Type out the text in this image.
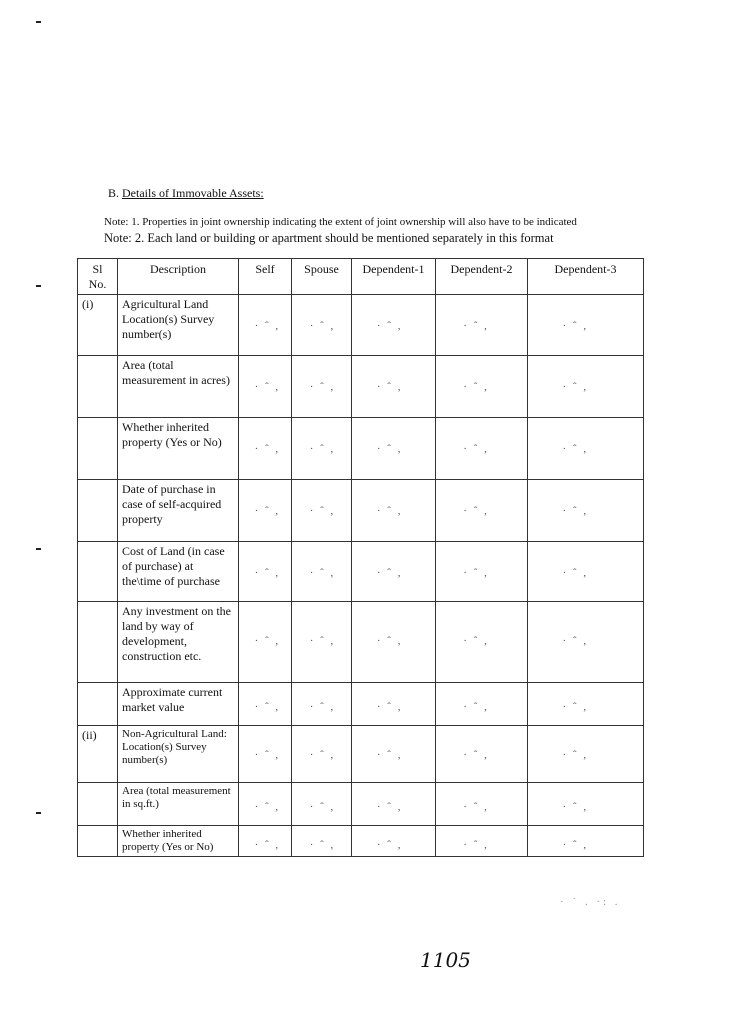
B. Details of Immovable Assets:
Note: 1. Properties in joint ownership indicating the extent of joint ownership will also have to be indicated
Note: 2. Each land or building or apartment should be mentioned separately in this format
Sl
No.	Description	Self	Spouse	Dependent-1	Dependent-2	Dependent-3
(i)	Agricultural Land Location(s) Survey number(s)	· ˆ ,	· ˆ ,	· ˆ ,	· ˆ ,	· ˆ ,

	Area (total measurement in acres)	· ˆ ,	· ˆ ,	· ˆ ,	· ˆ ,	· ˆ ,

	Whether inherited property (Yes or No)	· ˆ ,	· ˆ ,	· ˆ ,	· ˆ ,	· ˆ ,

	Date of purchase in case of self-acquired property	· ˆ ,	· ˆ ,	· ˆ ,	· ˆ ,	· ˆ ,

	Cost of Land (in case of purchase) at the\time of purchase	· ˆ ,	· ˆ ,	· ˆ ,	· ˆ ,	· ˆ ,

	Any investment on the land by way of development, construction etc.	· ˆ ,	· ˆ ,	· ˆ ,	· ˆ ,	· ˆ ,

	Approximate current market value	· ˆ ,	· ˆ ,	· ˆ ,	· ˆ ,	· ˆ ,

(ii)	Non-Agricultural Land: Location(s) Survey number(s)	· ˆ ,	· ˆ ,	· ˆ ,	· ˆ ,	· ˆ ,

	Area (total measurement in sq.ft.)	· ˆ ,	· ˆ ,	· ˆ ,	· ˆ ,	· ˆ ,

	Whether inherited property (Yes or No)	· ˆ ,	· ˆ ,	· ˆ ,	· ˆ ,	· ˆ ,
· ˙ . ·: .
1105
